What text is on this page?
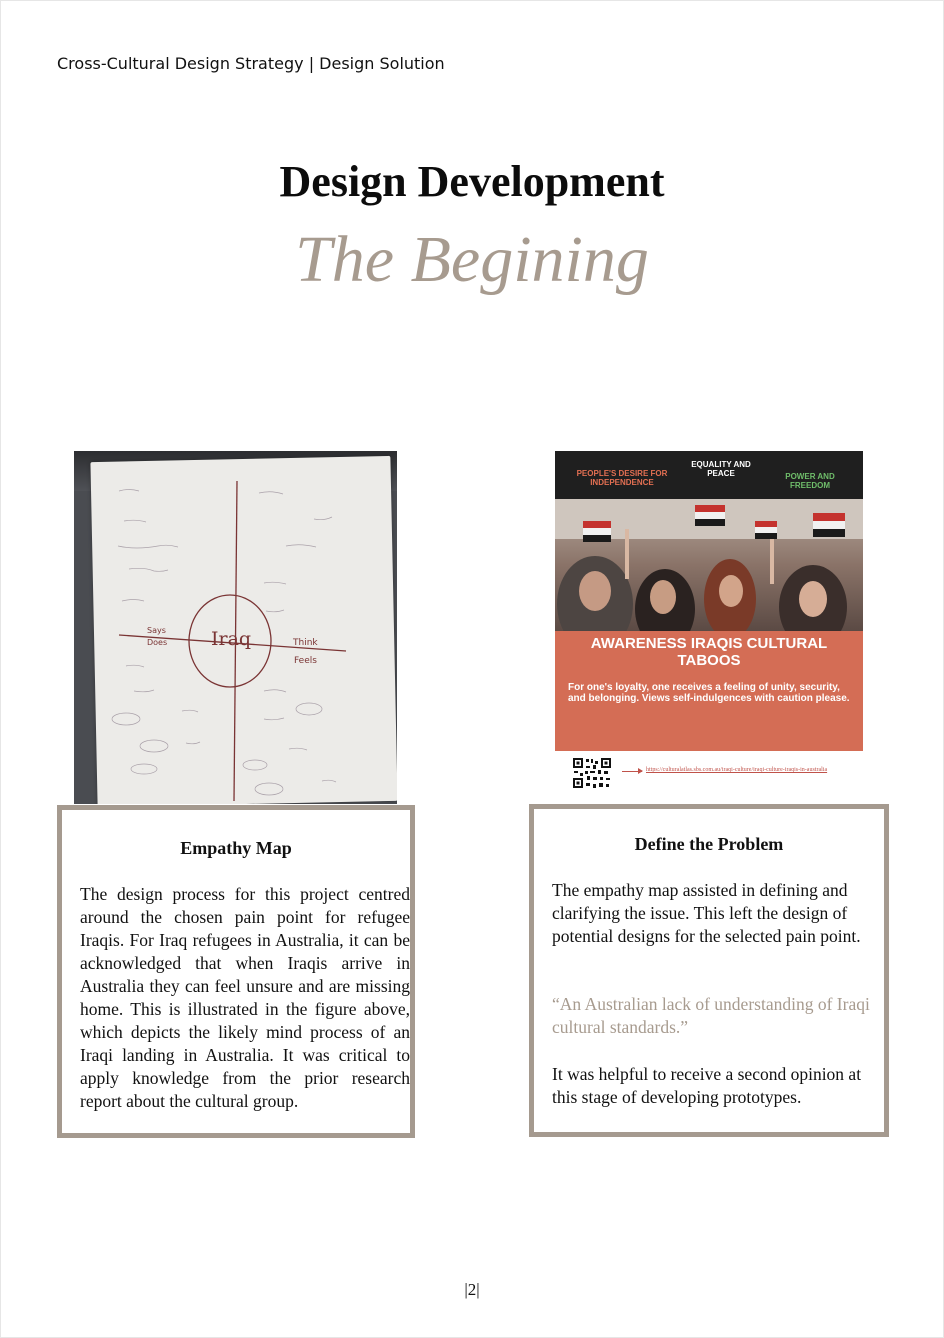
Cross-Cultural Design Strategy | Design Solution
Design Development
The Begining
Iraq
Says
Does	Think
Feels
PEOPLE'S DESIRE FOR INDEPENDENCE
EQUALITY AND PEACE	POWER AND FREEDOM
AWARENESS IRAQIS CULTURAL TABOOS
For one's loyalty, one receives a feeling of unity, security, and belonging. Views self-indulgences with caution please.
https://culturalatlas.sbs.com.au/iraqi-culture/iraqi-culture-iraqis-in-australia
Empathy Map

The design process for this project centred around the chosen pain point for refugee Iraqis. For Iraq refugees in Australia, it can be acknowledged that when Iraqis arrive in Australia they can feel unsure and are missing home. This is illustrated in the figure above, which depicts the likely mind process of an Iraqi landing in Australia. It was critical to apply knowledge from the prior research report about the cultural group.

Define the Problem

The empathy map assisted in defining and clarifying the issue. This left the design of potential designs for the selected pain point.

“An Australian lack of understanding of Iraqi cultural standards.”

It was helpful to receive a second opinion at this stage of developing prototypes.

|2|
